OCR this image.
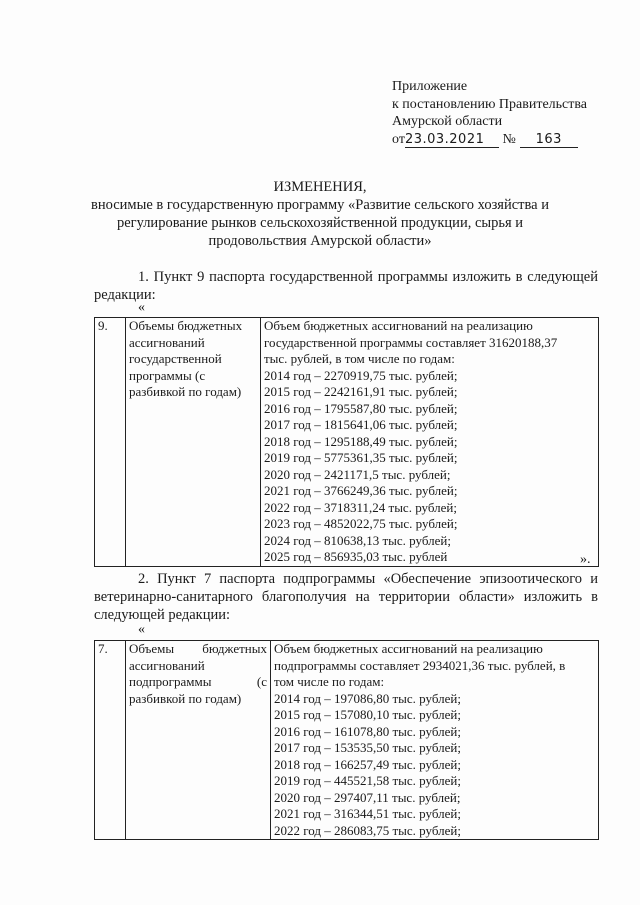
Приложение
к постановлению Правительства
Амурской области
от23.03.2021 № 163
ИЗМЕНЕНИЯ,
вносимые в государственную программу «Развитие сельского хозяйства и
регулирование рынков сельскохозяйственной продукции, сырья и
продовольствия Амурской области»
1. Пункт 9 паспорта государственной программы изложить в следующей редакции:
«
9.	Объемы бюджетных ассигнований государственной программы (с разбивкой по годам)	
Объем бюджетных ассигнований на реализацию
государственной программы составляет 31620188,37
тыс. рублей, в том числе по годам:
2014 год – 2270919,75 тыс. рублей;
2015 год – 2242161,91 тыс. рублей;
2016 год – 1795587,80 тыс. рублей;
2017 год – 1815641,06 тыс. рублей;
2018 год – 1295188,49 тыс. рублей;
2019 год – 5775361,35 тыс. рублей;
2020 год – 2421171,5 тыс. рублей;
2021 год – 3766249,36 тыс. рублей;
2022 год – 3718311,24 тыс. рублей;
2023 год – 4852022,75 тыс. рублей;
2024 год – 810638,13 тыс. рублей;
2025 год – 856935,03 тыс. рублей	».
2. Пункт 7 паспорта подпрограммы «Обеспечение эпизоотического и ветеринарно-санитарного благополучия на территории области» изложить в следующей редакции:
«
7.	Объемы бюджетных ассигнований подпрограммы (с разбивкой по годам)	
Объем бюджетных ассигнований на реализацию
подпрограммы составляет 2934021,36 тыс. рублей, в
том числе по годам:
2014 год – 197086,80 тыс. рублей;
2015 год – 157080,10 тыс. рублей;
2016 год – 161078,80 тыс. рублей;
2017 год – 153535,50 тыс. рублей;
2018 год – 166257,49 тыс. рублей;
2019 год – 445521,58 тыс. рублей;
2020 год – 297407,11 тыс. рублей;
2021 год – 316344,51 тыс. рублей;
2022 год – 286083,75 тыс. рублей;
